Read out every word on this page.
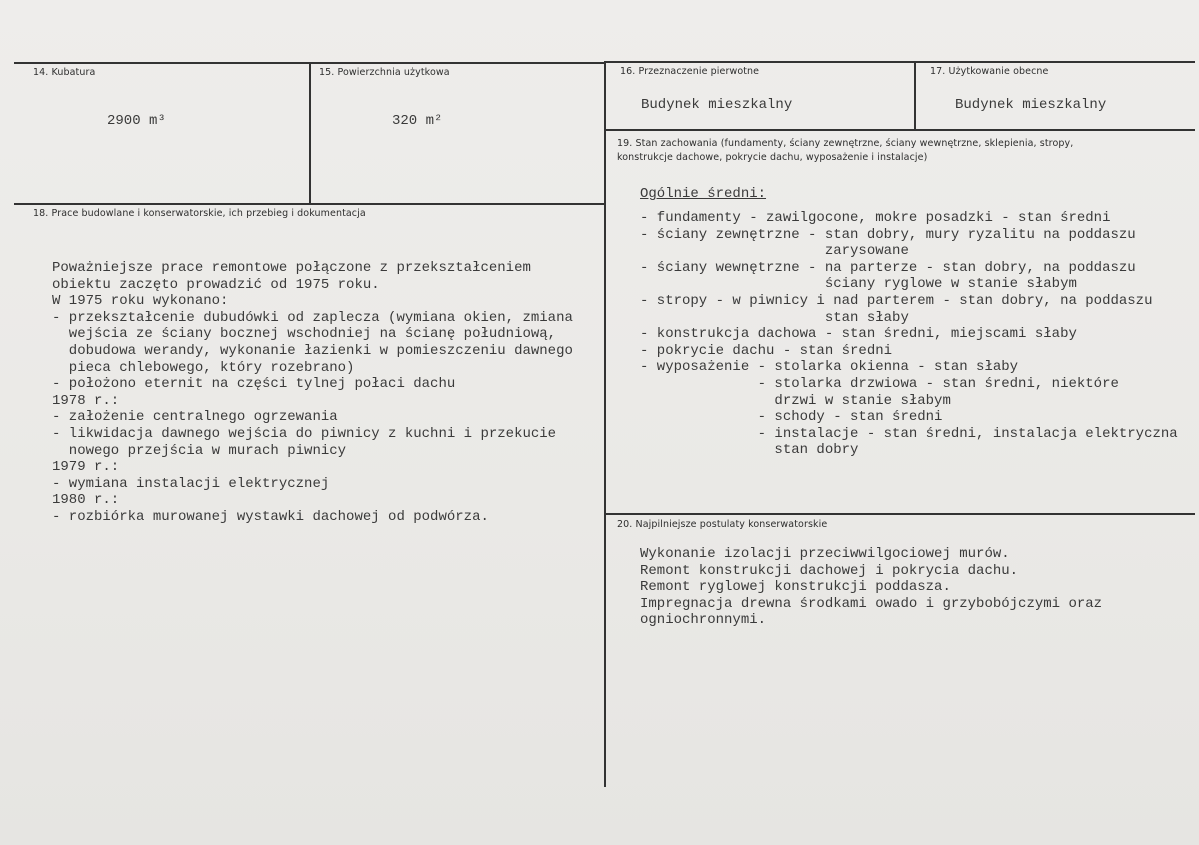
14. Kubatura
2900 m³
15. Powierzchnia użytkowa
320 m²
16. Przeznaczenie pierwotne
Budynek mieszkalny
17. Użytkowanie obecne
Budynek mieszkalny
19. Stan zachowania (fundamenty, ściany zewnętrzne, ściany wewnętrzne, sklepienia, stropy, konstrukcje dachowe, pokrycie dachu, wyposażenie i instalacje)
Ogólnie średni:
- fundamenty - zawilgocone, mokre posadzki - stan średni
- ściany zewnętrzne - stan dobry, mury ryzalitu na poddaszu
zarysowane
- ściany wewnętrzne - na parterze - stan dobry, na poddaszu
ściany ryglowe w stanie słabym
- stropy - w piwnicy i nad parterem - stan dobry, na poddaszu
stan słaby
- konstrukcja dachowa - stan średni, miejscami słaby
- pokrycie dachu - stan średni
- wyposażenie - stolarka okienna - stan słaby
- stolarka drzwiowa - stan średni, niektóre
drzwi w stanie słabym
- schody - stan średni
- instalacje - stan średni, instalacja elektryczna
stan dobry
18. Prace budowlane i konserwatorskie, ich przebieg i dokumentacja
Poważniejsze prace remontowe połączone z przekształceniem
obiektu zaczęto prowadzić od 1975 roku.
W 1975 roku wykonano:
- przekształcenie dubudówki od zaplecza (wymiana okien, zmiana
wejścia ze ściany bocznej wschodniej na ścianę południową,
dobudowa werandy, wykonanie łazienki w pomieszczeniu dawnego
pieca chlebowego, który rozebrano)
- położono eternit na części tylnej połaci dachu
1978 r.:
- założenie centralnego ogrzewania
- likwidacja dawnego wejścia do piwnicy z kuchni i przekucie
nowego przejścia w murach piwnicy
1979 r.:
- wymiana instalacji elektrycznej
1980 r.:
- rozbiórka murowanej wystawki dachowej od podwórza.	20. Najpilniejsze postulaty konserwatorskie
Wykonanie izolacji przeciwwilgociowej murów.
Remont konstrukcji dachowej i pokrycia dachu.
Remont ryglowej konstrukcji poddasza.
Impregnacja drewna środkami owado i grzybobójczymi oraz
ogniochronnymi.
